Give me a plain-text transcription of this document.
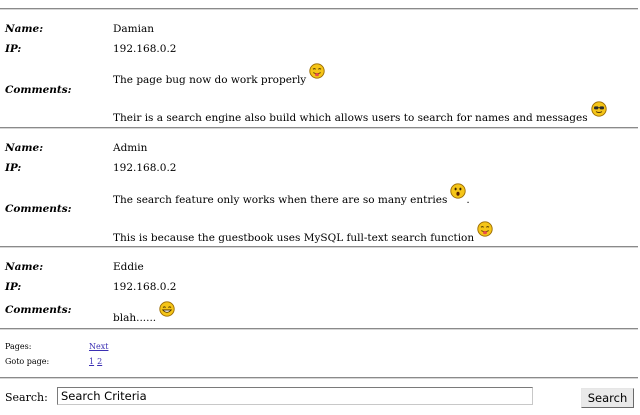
Name:	Damian
IP:	192.168.0.2
Comments:
The page bug now do work properly
Their is a search engine also build which allows users to search for names and messages
Name:	Admin
IP:	192.168.0.2
Comments:
The search feature only works when there are so many entries .
This is because the guestbook uses MySQL full-text search function
Name:	Eddie
IP:	192.168.0.2
Comments:
blah......
Pages:	Next
Goto page:	1 2
Search:
Search Criteria	Search
